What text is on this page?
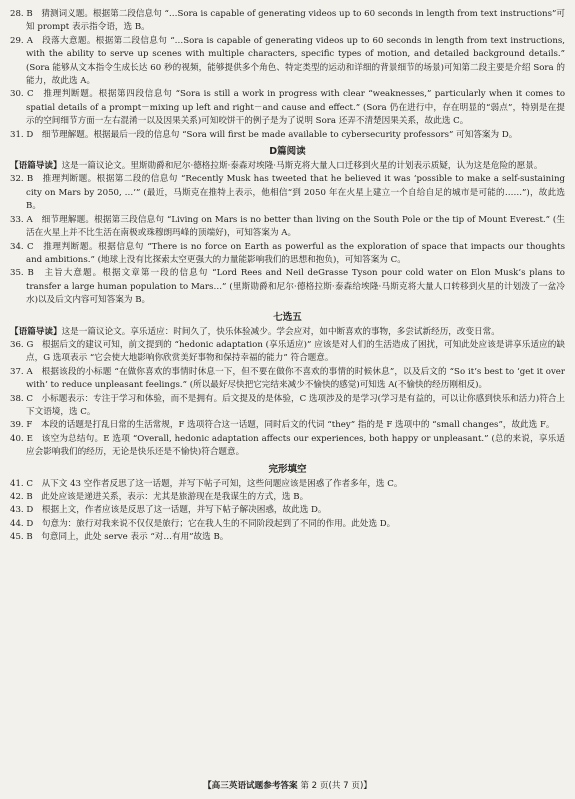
28. B　猜测词义题。根据第二段信息句 “…Sora is capable of generating videos up to 60 seconds in length from text instructions”可知 prompt 表示指令语，选 B。

29. A　段落大意题。根据第二段信息句 “…Sora is capable of generating videos up to 60 seconds in length from text instructions, with the ability to serve up scenes with multiple characters, specific types of motion, and detailed background details.” (Sora 能够从文本指令生成长达 60 秒的视频，能够提供多个角色、特定类型的运动和详细的背景细节的场景)可知第二段主要是介绍 Sora 的能力，故此选 A。

30. C　推理判断题。根据第四段信息句 “Sora is still a work in progress with clear “weaknesses,” particularly when it comes to spatial details of a prompt－mixing up left and right－and cause and effect.” (Sora 仍在进行中，存在明显的“弱点”，特别是在提示的空间细节方面一左右混淆一以及因果关系)可知咬饼干的例子是为了说明 Sora 还弄不清楚因果关系，故此选 C。

31. D　细节理解题。根据最后一段的信息句 “Sora will first be made available to cybersecurity professors” 可知答案为 D。

D篇阅读

【语篇导读】这是一篇议论文。里斯勋爵和尼尔·德格拉斯·泰森对埃隆·马斯克将大量人口迁移到火星的计划表示质疑，认为这是危险的愿景。

32. B　推理判断题。根据第二段的信息句 “Recently Musk has tweeted that he believed it was ‘possible to make a self-sustaining city on Mars by 2050, …’” (最近，马斯克在推特上表示，他相信“到 2050 年在火星上建立一个自给自足的城市是可能的……”)，故此选 B。

33. A　细节理解题。根据第三段信息句 “Living on Mars is no better than living on the South Pole or the tip of Mount Everest.” (生活在火星上并不比生活在南极或珠穆朗玛峰的顶端好)，可知答案为 A。

34. C　推理判断题。根据信息句 “There is no force on Earth as powerful as the exploration of space that impacts our thoughts and ambitions.” (地球上没有比探索太空更强大的力量能影响我们的思想和抱负)，可知答案为 C。

35. B　主旨大意题。根据文章第一段的信息句 “Lord Rees and Neil deGrasse Tyson pour cold water on Elon Musk’s plans to transfer a large human population to Mars…” (里斯勋爵和尼尔·德格拉斯·泰森给埃隆·马斯克将大量人口转移到火星的计划泼了一盆冷水)以及后文内容可知答案为 B。

七选五

【语篇导读】这是一篇议论文。享乐适应：时间久了，快乐体验减少。学会应对，如中断喜欢的事物，多尝试新经历，改变日常。

36. G　根据后文的建议可知，前文提到的 “hedonic adaptation (享乐适应)” 应该是对人们的生活造成了困扰，可知此处应该是讲享乐适应的缺点，G 选项表示 “它会使大地影响你欣赏美好事物和保持幸福的能力” 符合题意。

37. A　根据该段的小标题 “在做你喜欢的事情时休息一下，但不要在做你不喜欢的事情的时候休息”，以及后文的 “So it’s best to ‘get it over with’ to reduce unpleasant feelings.” (所以最好尽快把它完结来减少不愉快的感觉)可知选 A(不愉快的经历刚相反)。

38. C　小标题表示：专注于学习和体验，而不是拥有。后文提及的是体验，C 选项涉及的是学习(学习是有益的，可以让你感到快乐和活力)符合上下文语境，选 C。

39. F　本段的话题是打乱日常的生活常规，F 选项符合这一话题，同时后文的代词 “they” 指的是 F 选项中的 “small changes”，故此选 F。

40. E　该空为总结句。E 选项 “Overall, hedonic adaptation affects our experiences, both happy or unpleasant.” (总的来说，享乐适应会影响我们的经历，无论是快乐还是不愉快)符合题意。

完形填空

41. C　从下文 43 空作者反思了这一话题，并写下帖子可知，这些问题应该是困惑了作者多年，选 C。

42. B　此处应该是递进关系，表示：尤其是旅游现在是我谋生的方式，选 B。

43. D　根据上文，作者应该是反思了这一话题，并写下帖子解决困惑，故此选 D。

44. D　句意为：旅行对我来说不仅仅是旅行；它在我人生的不同阶段起到了不同的作用。此处选 D。

45. B　句意同上，此处 serve 表示 “对…有用”故选 B。

【高三英语试题参考答案 第 2 页(共 7 页)】
